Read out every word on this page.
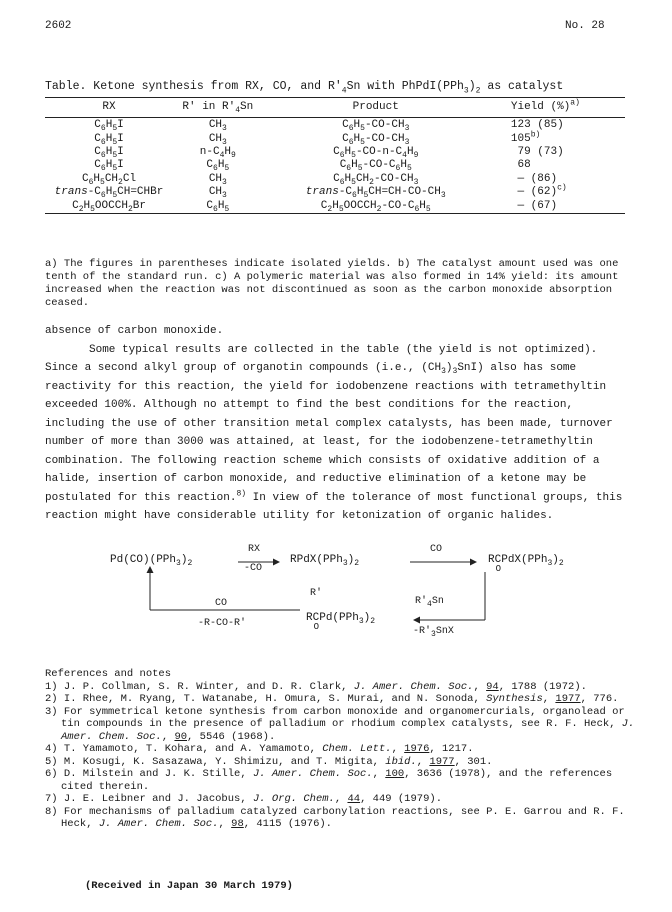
2602	No. 28
Table. Ketone synthesis from RX, CO, and $R'_4Sn$ with $PhPdI(PPh_3)_2$ as catalyst
RX	R' in $R'_4Sn$	Product	Yield (%)$^{a)}$

$C_6H_5I$	$CH_3$	$C_6H_5-CO-CH_3$	123 (85)
$C_6H_5I$	$CH_3$	$C_6H_5-CO-CH_3$	105$^{b)}$
$C_6H_5I$	$n-C_4H_9$	$C_6H_5-CO-n-C_4H_9$	79 (73)
$C_6H_5I$	$C_6H_5$	$C_6H_5-CO-C_6H_5$	68
$C_6H_5CH_2Cl$	$CH_3$	$C_6H_5CH_2-CO-CH_3$	— (86)
trans-$C_6H_5CH=CHBr$	$CH_3$	trans-$C_6H_5CH=CH-CO-CH_3$	— $(62)^{c)}$
$C_2H_5OOCCH_2Br$	$C_6H_5$	$C_2H_5OOCCH_2-CO-C_6H_5$	— (67)

a) The figures in parentheses indicate isolated yields. b) The catalyst amount used was one tenth of the standard run. c) A polymeric material was also formed in 14% yield: its amount increased when the reaction was not discontinued as soon as the carbon monoxide absorption ceased.

absence of carbon monoxide.

Some typical results are collected in the table (the yield is not optimized). Since a second alkyl group of organotin compounds (i.e., $(CH_3)_3SnI$) also has some reactivity for this reaction, the yield for iodobenzene reactions with tetramethyltin exceeded 100%. Although no attempt to find the best conditions for the reaction, including the use of other transition metal complex catalysts, has been made, turnover number of more than 3000 was attained, at least, for the iodobenzene-tetramethyltin combination. The following reaction scheme which consists of oxidative addition of a halide, insertion of carbon monoxide, and reductive elimination of a ketone may be postulated for this reaction.$^{8)}$ In view of the tolerance of most functional groups, this reaction might have considerable utility for ketonization of organic halides.

$Pd(CO)(PPh_3)_2$
RX
-CO
$RPdX(PPh_3)_2$
CO
RC
O
$PdX(PPh_3)_2$
$R'_4Sn$
$-R'_3SnX$
R'
RC
O
$Pd(PPh_3)_2$
CO
-R-CO-R'

References and notes

1) J. P. Collman, S. R. Winter, and D. R. Clark, J. Amer. Chem. Soc., 94, 1788 (1972).

2) I. Rhee, M. Ryang, T. Watanabe, H. Omura, S. Murai, and N. Sonoda, Synthesis, 1977, 776.

3) For symmetrical ketone synthesis from carbon monoxide and organomercurials, organolead or tin compounds in the presence of palladium or rhodium complex catalysts, see R. F. Heck, J. Amer. Chem. Soc., 90, 5546 (1968).

4) T. Yamamoto, T. Kohara, and A. Yamamoto, Chem. Lett., 1976, 1217.

5) M. Kosugi, K. Sasazawa, Y. Shimizu, and T. Migita, ibid., 1977, 301.

6) D. Milstein and J. K. Stille, J. Amer. Chem. Soc., 100, 3636 (1978), and the references cited therein.

7) J. E. Leibner and J. Jacobus, J. Org. Chem., 44, 449 (1979).

8) For mechanisms of palladium catalyzed carbonylation reactions, see P. E. Garrou and R. F. Heck, J. Amer. Chem. Soc., 98, 4115 (1976).

(Received in Japan 30 March 1979)
